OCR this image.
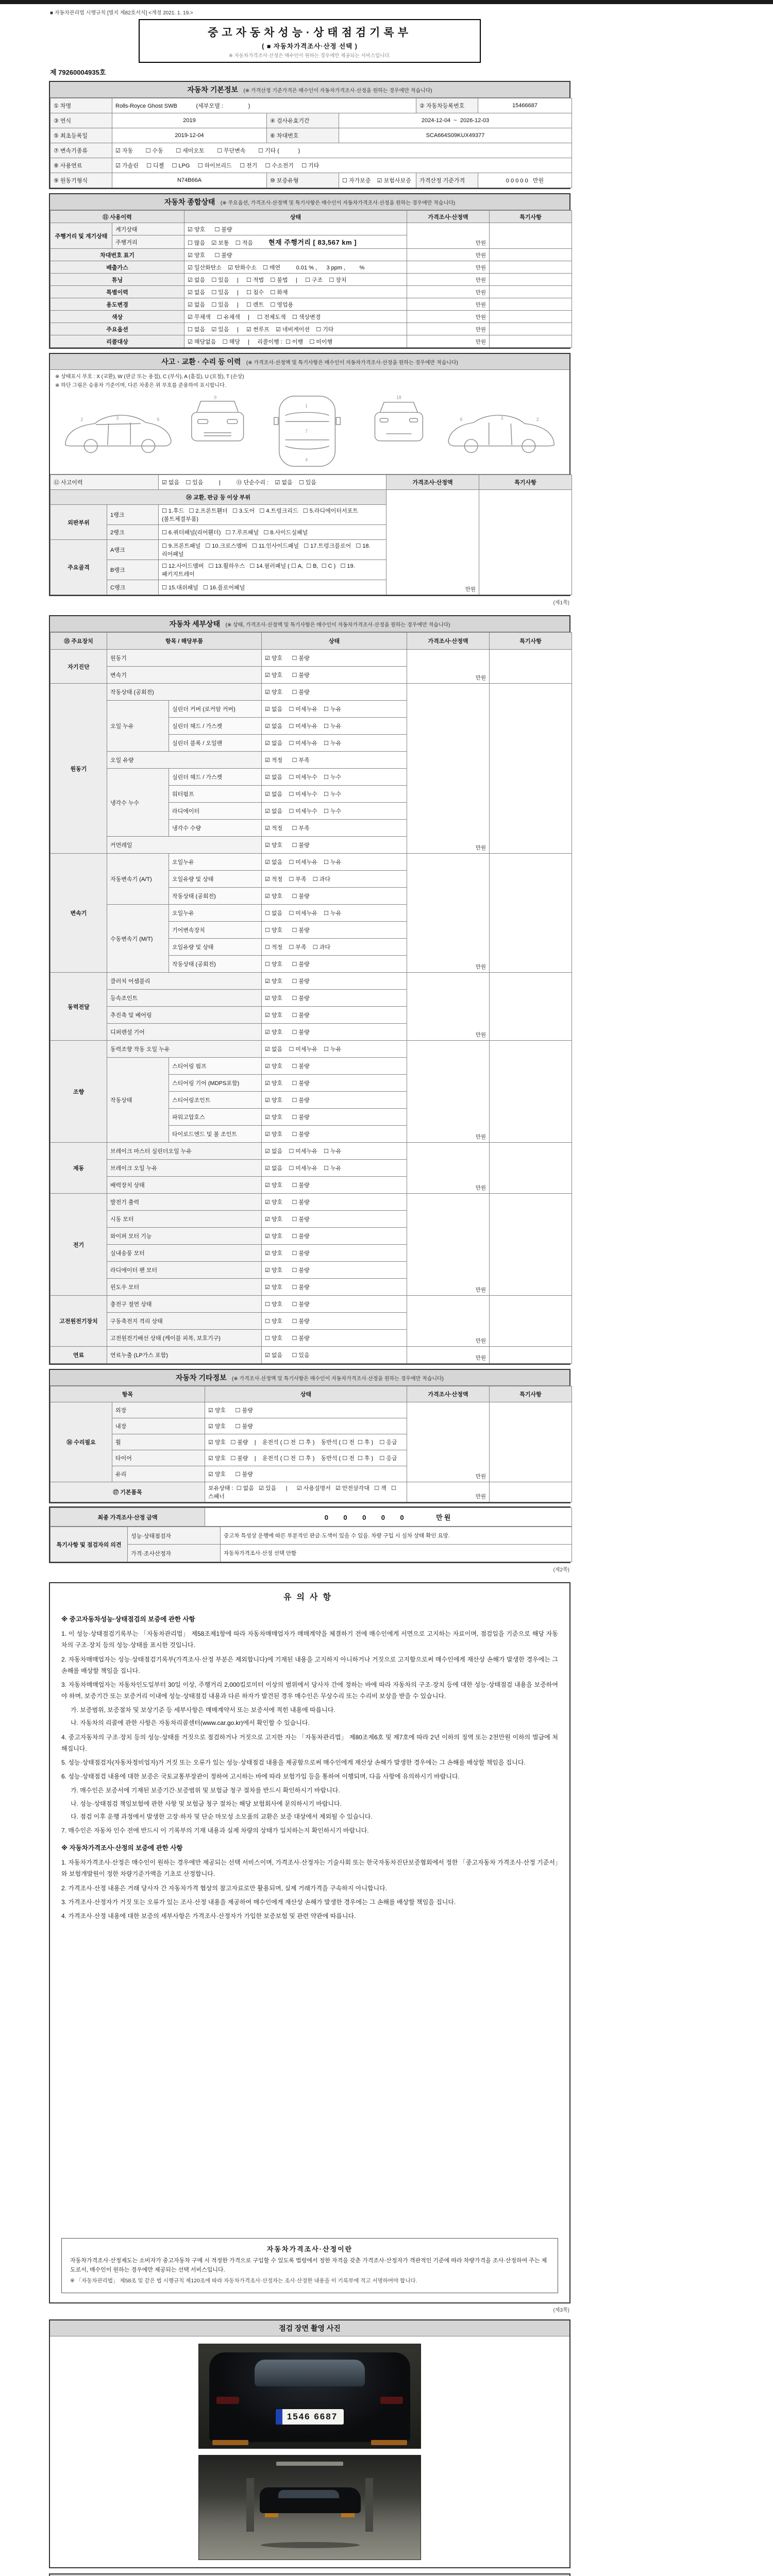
■ 자동차관리법 시행규칙 [별지 제82호서식] <개정 2021. 1. 19.>
중고자동차성능·상태점검기록부
( ■ 자동차가격조사·산정 선택 )
※ 자동차가격조사·산정은 매수인이 원하는 경우에만 제공되는 서비스입니다.
제 79260004935호
자동차 기본정보 (※ 가격산정 기준가격은 매수인이 자동차가격조사·산정을 원하는 경우에만 적습니다)
① 차명	Rolls-Royce Ghost SWB            (세부모델 :                )			② 자동차등록번호	15466687
③ 연식	2019	④ 검사유효기간	2024-12-04  ~  2026-12-03		
⑤ 최초등록일	2019-12-04	⑥ 차대번호	SCA664S09KUX49377		
⑦ 변속기종류	☑ 자동        ☐ 수동        ☐ 세미오토        ☐ 무단변속        ☐ 기타 (            )				
⑧ 사용연료	☑ 가솔린     ☐ 디젤     ☐ LPG     ☐ 하이브리드     ☐ 전기     ☐ 수소전기     ☐ 기타				
⑨ 원동기형식	N74B66A	⑩ 보증유형	☐ 자가보증    ☑ 보험사보증	가격산정 기준가격	0 0 0 0 0   만원
자동차 종합상태 (※ 주요옵션, 가격조사·산정액 및 특기사항은 매수인이 자동차가격조사·산정을 원하는 경우에만 적습니다)
⑪ 사용이력		상태	가격조사·산정액	특기사항
주행거리 및 계기상태	계기상태	☑ 양호      ☐ 불량	만원	
	주행거리	☐ 많음    ☑ 보통    ☐ 적음 현재 주행거리 [ 83,567 km ]		
차대번호 표기		☑ 양호      ☐ 불량	만원	
배출가스		☑ 일산화탄소    ☑ 탄화수소    ☐ 매연          0.01 % ,      3 ppm ,         %	만원	
튜닝		☑ 없음    ☐ 있음     |     ☐ 적법    ☐ 불법     |     ☐ 구조    ☐ 장치	만원	
특별이력		☑ 없음    ☐ 있음     |     ☐ 침수    ☐ 화재	만원	
용도변경		☑ 없음    ☐ 있음     |     ☐ 렌트    ☐ 영업용	만원	
색상		☑ 무채색    ☐ 유채색     |     ☐ 전체도색    ☐ 색상변경	만원	
주요옵션		☐ 없음    ☑ 있음     |     ☑ 썬루프    ☑ 네비게이션    ☐ 기타	만원	
리콜대상		☑ 해당없음    ☐ 해당     |     리콜이행 :  ☐ 이행    ☐ 미이행	만원	
사고 · 교환 · 수리 등 이력 (※ 가격조사·산정액 및 특기사항은 매수인이 자동차가격조사·산정을 원하는 경우에만 적습니다)
※ 상태표시 부호 : X (교환), W (판금 또는 용접), C (부식), A (흠집), U (요철), T (손상)
※ 하단 그림은 승용차 기준이며, 다른 차종은 위 부호를 준용하여 표시합니다.
2	3	6
9
1
7
4
18
2
3
6
⑫ 사고이력		☑ 없음    ☐ 있음          |          ⑬ 단순수리 :    ☑ 없음    ☐ 있음	가격조사·산정액	특기사항
⑭ 교환, 판금 등 이상 부위			만원	
외판부위	1랭크	☐ 1.후드   ☐ 2.프론트휀더   ☐ 3.도어   ☐ 4.트렁크리드   ☐ 5.라디에이터서포트(볼트체결부품)		
	2랭크	☐ 6.쿼터패널(리어휀더)   ☐ 7.루프패널   ☐ 8.사이드실패널		
주요골격	A랭크	☐ 9.프론트패널   ☐ 10.크로스멤버   ☐ 11.인사이드패널   ☐ 17.트렁크플로어   ☐ 18.리어패널		
	B랭크	☐ 12.사이드멤버   ☐ 13.휠하우스   ☐ 14.필러패널 ( ☐ A,  ☐ B,  ☐ C )   ☐ 19.패키지트레이		
	C랭크	☐ 15.대쉬패널   ☐ 16.플로어패널		
(제1쪽)
자동차 세부상태 (※ 상태, 가격조사·산정액 및 특기사항은 매수인이 자동차가격조사·산정을 원하는 경우에만 적습니다)
⑮ 주요장치	항목 / 해당부품		상태	가격조사·산정액	특기사항
자기진단	원동기		☑ 양호      ☐ 불량	만원	
	변속기		☑ 양호      ☐ 불량		
원동기	작동상태 (공회전)		☑ 양호      ☐ 불량	만원	
	오일 누유	실린더 커버 (로커암 커버)	☑ 없음    ☐ 미세누유    ☐ 누유		
		실린더 헤드 / 가스켓	☑ 없음    ☐ 미세누유    ☐ 누유		
		실린더 블록 / 오일팬	☑ 없음    ☐ 미세누유    ☐ 누유		
	오일 유량		☑ 적정      ☐ 부족		
	냉각수 누수	실린더 헤드 / 가스켓	☑ 없음    ☐ 미세누수    ☐ 누수		
		워터펌프	☑ 없음    ☐ 미세누수    ☐ 누수		
		라디에이터	☑ 없음    ☐ 미세누수    ☐ 누수		
		냉각수 수량	☑ 적정      ☐ 부족		
	커먼레일		☑ 양호      ☐ 불량		
변속기	자동변속기 (A/T)	오일누유	☑ 없음    ☐ 미세누유    ☐ 누유	만원	
		오일유량 및 상태	☑ 적정    ☐ 부족    ☐ 과다		
		작동상태 (공회전)	☑ 양호      ☐ 불량		
	수동변속기 (M/T)	오일누유	☐ 없음    ☐ 미세누유    ☐ 누유		
		기어변속장치	☐ 양호      ☐ 불량		
		오일유량 및 상태	☐ 적정    ☐ 부족    ☐ 과다		
		작동상태 (공회전)	☐ 양호      ☐ 불량		
동력전달	클러치 어셈블리		☑ 양호      ☐ 불량	만원	
	등속조인트		☑ 양호      ☐ 불량		
	추진축 및 베어링		☑ 양호      ☐ 불량		
	디퍼렌셜 기어		☑ 양호      ☐ 불량		
조향	동력조향 작동 오일 누유		☑ 없음    ☐ 미세누유    ☐ 누유	만원	
	작동상태	스티어링 펌프	☑ 양호      ☐ 불량		
		스티어링 기어 (MDPS포함)	☑ 양호      ☐ 불량		
		스티어링조인트	☑ 양호      ☐ 불량		
		파워고압호스	☑ 양호      ☐ 불량		
		타이로드엔드 및 볼 조인트	☑ 양호      ☐ 불량		
제동	브레이크 마스터 실린더오일 누유		☑ 없음    ☐ 미세누유    ☐ 누유	만원	
	브레이크 오일 누유		☑ 없음    ☐ 미세누유    ☐ 누유		
	배력장치 상태		☑ 양호      ☐ 불량		
전기	발전기 출력		☑ 양호      ☐ 불량	만원	
	시동 모터		☑ 양호      ☐ 불량		
	와이퍼 모터 기능		☑ 양호      ☐ 불량		
	실내송풍 모터		☑ 양호      ☐ 불량		
	라디에이터 팬 모터		☑ 양호      ☐ 불량		
	윈도우 모터		☑ 양호      ☐ 불량		
고전원전기장치	충전구 절연 상태		☐ 양호      ☐ 불량	만원	
	구동축전지 격리 상태		☐ 양호      ☐ 불량		
	고전원전기배선 상태 (케이블 피복, 보호기구)		☐ 양호      ☐ 불량		
연료	연료누출 (LP가스 포함)		☑ 없음      ☐ 있음	만원	
자동차 기타정보 (※ 가격조사·산정액 및 특기사항은 매수인이 자동차가격조사·산정을 원하는 경우에만 적습니다)
항목		상태	가격조사·산정액	특기사항
⑯ 수리필요	외장	☑ 양호      ☐ 불량	만원	
	내장	☑ 양호      ☐ 불량		
	휠	☑ 양호   ☐ 불량    |    운전석 ( ☐ 전  ☐ 후 )    동반석 ( ☐ 전  ☐ 후 )    ☐ 응급		
	타이어	☑ 양호   ☐ 불량    |    운전석 ( ☐ 전  ☐ 후 )    동반석 ( ☐ 전  ☐ 후 )    ☐ 응급		
	유리	☑ 양호      ☐ 불량		
⑰ 기본품목		보유상태 :  ☐ 없음   ☑ 있음      |      ☑ 사용설명서   ☑ 안전삼각대   ☐ 잭   ☐ 스패너	만원	
최종 가격조사·산정 금액	0    0    0    0    0         만원
특기사항 및 점검자의 의견	성능·상태점검자	중고차 특성상 운행에 따른 부분적인 판금·도색이 있을 수 있음. 차량 구입 시 실차 상태 확인 요망.
	가격·조사산정자	자동차가격조사·산정 선택 안함
(제2쪽)
유의사항
※ 중고자동차성능·상태점검의 보증에 관한 사항
1. 이 성능·상태점검기록부는 「자동차관리법」 제58조제1항에 따라 자동차매매업자가 매매계약을 체결하기 전에 매수인에게 서면으로 고지하는 자료이며, 점검일을 기준으로 해당 자동차의 구조·장치 등의 성능·상태를 표시한 것입니다.
2. 자동차매매업자는 성능·상태점검기록부(가격조사·산정 부분은 제외합니다)에 기재된 내용을 고지하지 아니하거나 거짓으로 고지함으로써 매수인에게 재산상 손해가 발생한 경우에는 그 손해를 배상할 책임을 집니다.
3. 자동차매매업자는 자동차인도일부터 30일 이상, 주행거리 2,000킬로미터 이상의 범위에서 당사자 간에 정하는 바에 따라 자동차의 구조·장치 등에 대한 성능·상태점검 내용을 보증하여야 하며, 보증기간 또는 보증거리 이내에 성능·상태점검 내용과 다른 하자가 발견된 경우 매수인은 무상수리 또는 수리비 보상을 받을 수 있습니다.
가. 보증범위, 보증절차 및 보상기준 등 세부사항은 매매계약서 또는 보증서에 적힌 내용에 따릅니다.
나. 자동차의 리콜에 관한 사항은 자동차리콜센터(www.car.go.kr)에서 확인할 수 있습니다.
4. 중고자동차의 구조·장치 등의 성능·상태를 거짓으로 점검하거나 거짓으로 고지한 자는 「자동차관리법」 제80조제6호 및 제7호에 따라 2년 이하의 징역 또는 2천만원 이하의 벌금에 처해집니다.
5. 성능·상태점검자(자동차정비업자)가 거짓 또는 오류가 있는 성능·상태점검 내용을 제공함으로써 매수인에게 재산상 손해가 발생한 경우에는 그 손해를 배상할 책임을 집니다.
6. 성능·상태점검 내용에 대한 보증은 국토교통부장관이 정하여 고시하는 바에 따라 보험가입 등을 통하여 이행되며, 다음 사항에 유의하시기 바랍니다.
가. 매수인은 보증서에 기재된 보증기간·보증범위 및 보험금 청구 절차를 반드시 확인하시기 바랍니다.
나. 성능·상태점검 책임보험에 관한 사항 및 보험금 청구 절차는 해당 보험회사에 문의하시기 바랍니다.
다. 점검 이후 운행 과정에서 발생한 고장·하자 및 단순 마모성 소모품의 교환은 보증 대상에서 제외될 수 있습니다.
7. 매수인은 자동차 인수 전에 반드시 이 기록부의 기재 내용과 실제 차량의 상태가 일치하는지 확인하시기 바랍니다.
※ 자동차가격조사·산정의 보증에 관한 사항
1. 자동차가격조사·산정은 매수인이 원하는 경우에만 제공되는 선택 서비스이며, 가격조사·산정자는 기술사회 또는 한국자동차진단보증협회에서 정한 「중고자동차 가격조사·산정 기준서」와 보험개발원이 정한 차량기준가액을 기초로 산정합니다.
2. 가격조사·산정 내용은 거래 당사자 간 자동차가격 협상의 참고자료로만 활용되며, 실제 거래가격을 구속하지 아니합니다.
3. 가격조사·산정자가 거짓 또는 오류가 있는 조사·산정 내용을 제공하여 매수인에게 재산상 손해가 발생한 경우에는 그 손해를 배상할 책임을 집니다.
4. 가격조사·산정 내용에 대한 보증의 세부사항은 가격조사·산정자가 가입한 보증보험 및 관련 약관에 따릅니다.
자동차가격조사·산정이란
자동차가격조사·산정제도는 소비자가 중고자동차 구매 시 적정한 가격으로 구입할 수 있도록 법령에서 정한 자격을 갖춘 가격조사·산정자가 객관적인 기준에 따라 차량가격을 조사·산정하여 주는 제도로서, 매수인이 원하는 경우에만 제공되는 선택 서비스입니다.
※ 「자동차관리법」 제58조 및 같은 법 시행규칙 제120조에 따라 자동차가격조사·산정자는 조사·산정한 내용을 이 기록부에 적고 서명하여야 합니다.
(제3쪽)
점검 장면 촬영 사진
1546 6687
